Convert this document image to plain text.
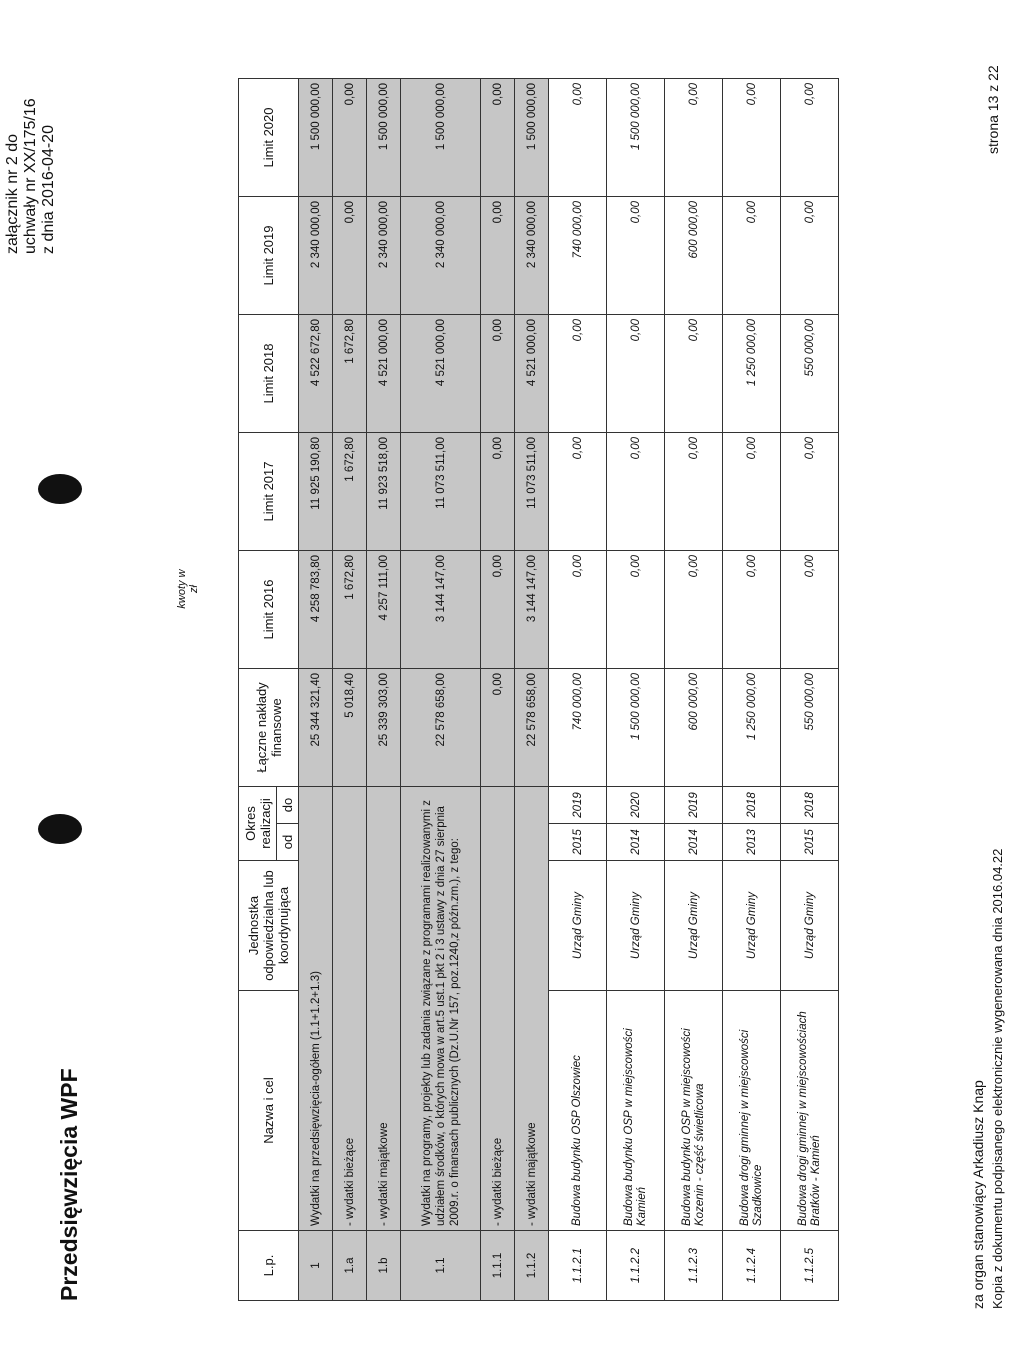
Przedsięwzięcia WPF
załącznik nr 2 do uchwały nr XX/175/16 z dnia 2016-04-20
kwoty w zł
L.p.	Nazwa i cel	Jednostka odpowiedzialna lub koordynująca	Okres realizacji		Łączne nakłady finansowe	Limit 2016	Limit 2017	Limit 2018	Limit 2019	Limit 2020
			od	do						
1	Wydatki na przedsięwzięcia-ogółem (1.1+1.2+1.3)				25 344 321,40	4 258 783,80	11 925 190,80	4 522 672,80	2 340 000,00	1 500 000,00
1.a	- wydatki bieżące				5 018,40	1 672,80	1 672,80	1 672,80	0,00	0,00
1.b	- wydatki majątkowe				25 339 303,00	4 257 111,00	11 923 518,00	4 521 000,00	2 340 000,00	1 500 000,00
1.1	Wydatki na programy, projekty lub zadania związane z programami realizowanymi z udziałem środków, o których mowa w art.5 ust.1 pkt 2 i 3 ustawy z dnia 27 sierpnia 2009.r. o finansach publicznych (Dz.U.Nr 157, poz.1240,z późn.zm.), z tego:				22 578 658,00	3 144 147,00	11 073 511,00	4 521 000,00	2 340 000,00	1 500 000,00
1.1.1	- wydatki bieżące				0,00	0,00	0,00	0,00	0,00	0,00
1.1.2	- wydatki majątkowe				22 578 658,00	3 144 147,00	11 073 511,00	4 521 000,00	2 340 000,00	1 500 000,00
1.1.2.1	Budowa budynku OSP Olszowiec	Urząd Gminy	2015	2019	740 000,00	0,00	0,00	0,00	740 000,00	0,00
1.1.2.2	Budowa budynku OSP w miejscowości Kamień	Urząd Gminy	2014	2020	1 500 000,00	0,00	0,00	0,00	0,00	1 500 000,00
1.1.2.3	Budowa budynku OSP w miejscowości Kozenin - część świetlicowa	Urząd Gminy	2014	2019	600 000,00	0,00	0,00	0,00	600 000,00	0,00
1.1.2.4	Budowa drogi gminnej w miejscowości Szadkowice	Urząd Gminy	2013	2018	1 250 000,00	0,00	0,00	1 250 000,00	0,00	0,00
1.1.2.5	Budowa drogi gminnej w miejscowościach Bratków - Kamień	Urząd Gminy	2015	2018	550 000,00	0,00	0,00	550 000,00	0,00	0,00
za organ stanowiący Arkadiusz Knap Kopia z dokumentu podpisanego elektronicznie wygenerowana dnia 2016.04.22
strona 13 z 22
